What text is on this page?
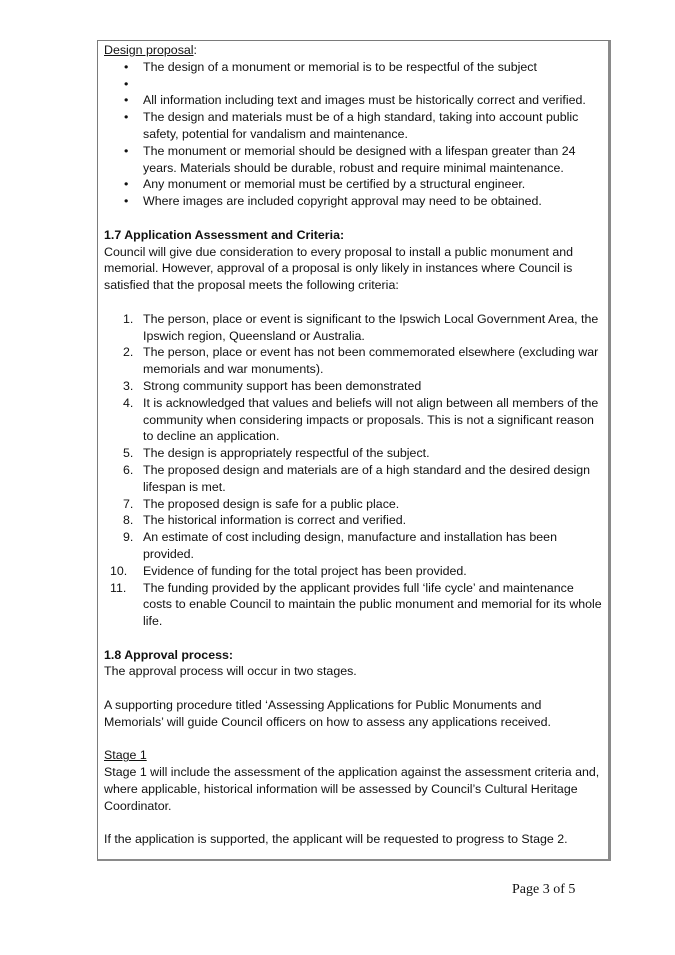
Design proposal:
• The design of a monument or memorial is to be respectful of the subject
•
• All information including text and images must be historically correct and verified.
• The design and materials must be of a high standard, taking into account public safety, potential for vandalism and maintenance.
• The monument or memorial should be designed with a lifespan greater than 24 years. Materials should be durable, robust and require minimal maintenance.
• Any monument or memorial must be certified by a structural engineer.
• Where images are included copyright approval may need to be obtained.
1.7 Application Assessment and Criteria:
Council will give due consideration to every proposal to install a public monument and memorial. However, approval of a proposal is only likely in instances where Council is satisfied that the proposal meets the following criteria:
1. The person, place or event is significant to the Ipswich Local Government Area, the Ipswich region, Queensland or Australia.
2. The person, place or event has not been commemorated elsewhere (excluding war memorials and war monuments).
3. Strong community support has been demonstrated
4. It is acknowledged that values and beliefs will not align between all members of the community when considering impacts or proposals. This is not a significant reason to decline an application.
5. The design is appropriately respectful of the subject.
6. The proposed design and materials are of a high standard and the desired design lifespan is met.
7. The proposed design is safe for a public place.
8. The historical information is correct and verified.
9. An estimate of cost including design, manufacture and installation has been provided.
10. Evidence of funding for the total project has been provided.
11. The funding provided by the applicant provides full ‘life cycle’ and maintenance costs to enable Council to maintain the public monument and memorial for its whole life.
1.8 Approval process:
The approval process will occur in two stages.
A supporting procedure titled ‘Assessing Applications for Public Monuments and Memorials’ will guide Council officers on how to assess any applications received.
Stage 1
Stage 1 will include the assessment of the application against the assessment criteria and, where applicable, historical information will be assessed by Council’s Cultural Heritage Coordinator.
If the application is supported, the applicant will be requested to progress to Stage 2.
Page 3 of 5
